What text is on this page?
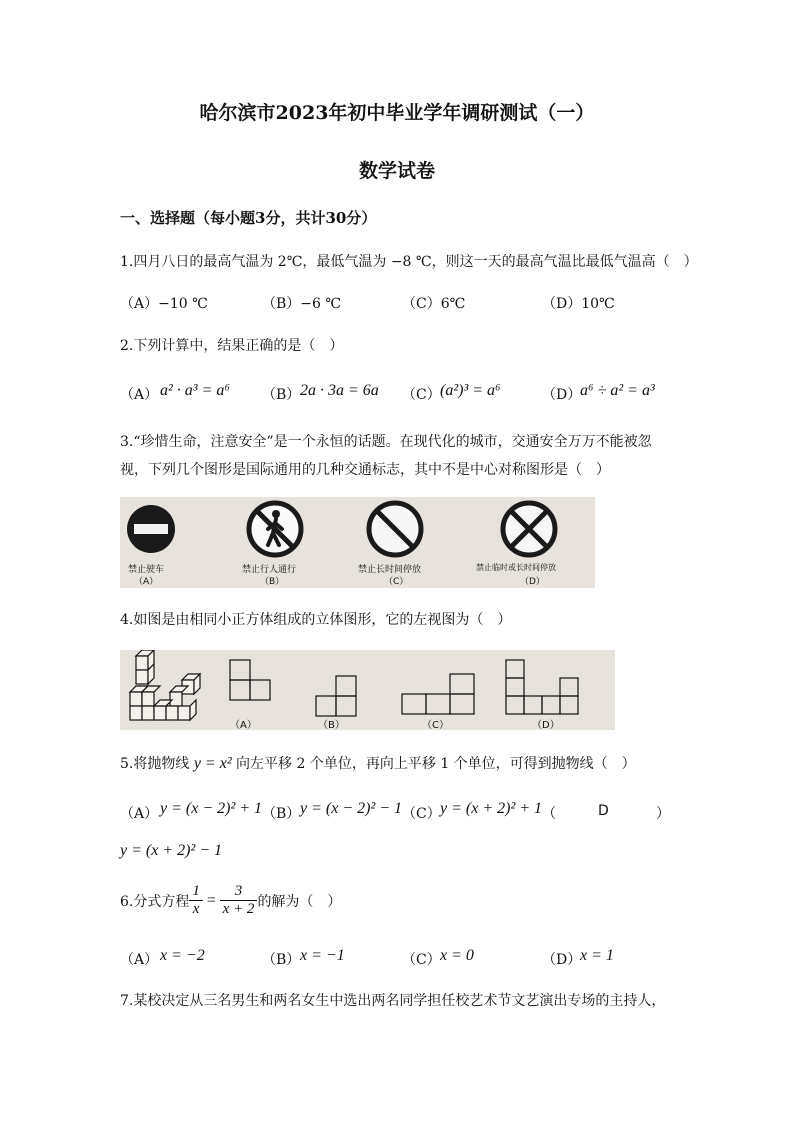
哈尔滨市2023年初中毕业学年调研测试（一）
数学试卷
一、选择题（每小题3分，共计30分）
1.四月八日的最高气温为 2℃，最低气温为 −8 ℃，则这一天的最高气温比最低气温高（　）
（A）−10 ℃	（B）−6 ℃	（C）6℃	（D）10℃
2.下列计算中，结果正确的是（　）
（A） a² · a³ = a⁶ （B） 2a · 3a = 6a （C） (a²)³ = a⁶	（D）
a⁶ ÷ a² = a³
3.“珍惜生命，注意安全”是一个永恒的话题。在现代化的城市，交通安全万万不能被忽
视，下列几个图形是国际通用的几种交通标志，其中不是中心对称图形是（　）
禁止驶车
（A）
禁止行人通行
（B）
禁止长时间停放
（C）
禁止临时或长时间停放
（D）
4.如图是由相同小正方体组成的立体图形，它的左视图为（　）
（A）	（B）	（C）	（D）
5.将抛物线 y = x² 向左平移 2 个单位，再向上平移 1 个单位，可得到抛物线（　）
（A） y = (x − 2)² + 1 （B） y = (x − 2)² − 1 （C） y = (x + 2)² + 1 （	D	）
y = (x + 2)² − 1
6.分式方程 $\frac{1}{x} = \frac{3}{x + 2}$ 的解为（　）
（A） x = −2	（B） x = −1	（C） x = 0	（D）
x = 1
7.某校决定从三名男生和两名女生中选出两名同学担任校艺术节文艺演出专场的主持人，
